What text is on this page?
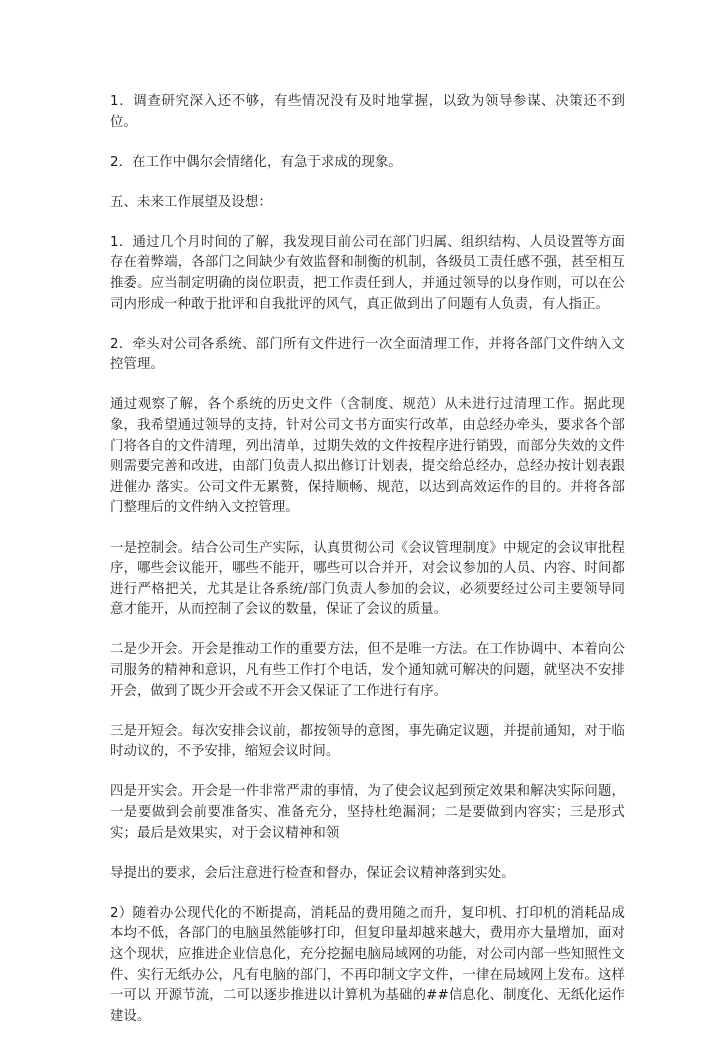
1．调查研究深入还不够，有些情况没有及时地掌握，以致为领导参谋、决策还不到位。

2．在工作中偶尔会情绪化，有急于求成的现象。

五、未来工作展望及设想：

1．通过几个月时间的了解，我发现目前公司在部门归属、组织结构、人员设置等方面存在着弊端，各部门之间缺少有效监督和制衡的机制，各级员工责任感不强，甚至相互推委。应当制定明确的岗位职责，把工作责任到人，并通过领导的以身作则，可以在公司内形成一种敢于批评和自我批评的风气，真正做到出了问题有人负责，有人指正。

2．牵头对公司各系统、部门所有文件进行一次全面清理工作，并将各部门文件纳入文控管理。

通过观察了解，各个系统的历史文件（含制度、规范）从未进行过清理工作。据此现象，我希望通过领导的支持，针对公司文书方面实行改革，由总经办牵头，要求各个部门将各自的文件清理，列出清单，过期失效的文件按程序进行销毁，而部分失效的文件则需要完善和改进，由部门负责人拟出修订计划表，提交给总经办，总经办按计划表跟进催办 落实。公司文件无累赘，保持顺畅、规范，以达到高效运作的目的。并将各部门整理后的文件纳入文控管理。

一是控制会。结合公司生产实际，认真贯彻公司《会议管理制度》中规定的会议审批程序，哪些会议能开，哪些不能开，哪些可以合并开，对会议参加的人员、内容、时间都进行严格把关，尤其是让各系统/部门负责人参加的会议，必须要经过公司主要领导同意才能开，从而控制了会议的数量，保证了会议的质量。

二是少开会。开会是推动工作的重要方法，但不是唯一方法。在工作协调中、本着向公司服务的精神和意识，凡有些工作打个电话，发个通知就可解决的问题，就坚决不安排开会，做到了既少开会或不开会又保证了工作进行有序。

三是开短会。每次安排会议前，都按领导的意图，事先确定议题，并提前通知，对于临时动议的，不予安排，缩短会议时间。

四是开实会。开会是一件非常严肃的事情，为了使会议起到预定效果和解决实际问题，一是要做到会前要准备实、准备充分，坚持杜绝漏洞；二是要做到内容实；三是形式实；最后是效果实，对于会议精神和领

导提出的要求，会后注意进行检查和督办，保证会议精神落到实处。

2）随着办公现代化的不断提高，消耗品的费用随之而升，复印机、打印机的消耗品成本均不低，各部门的电脑虽然能够打印，但复印量却越来越大，费用亦大量增加，面对这个现状，应推进企业信息化，充分挖掘电脑局域网的功能，对公司内部一些知照性文件、实行无纸办公，凡有电脑的部门，不再印制文字文件，一律在局域网上发布。这样一可以 开源节流，二可以逐步推进以计算机为基础的##信息化、制度化、无纸化运作建设。
